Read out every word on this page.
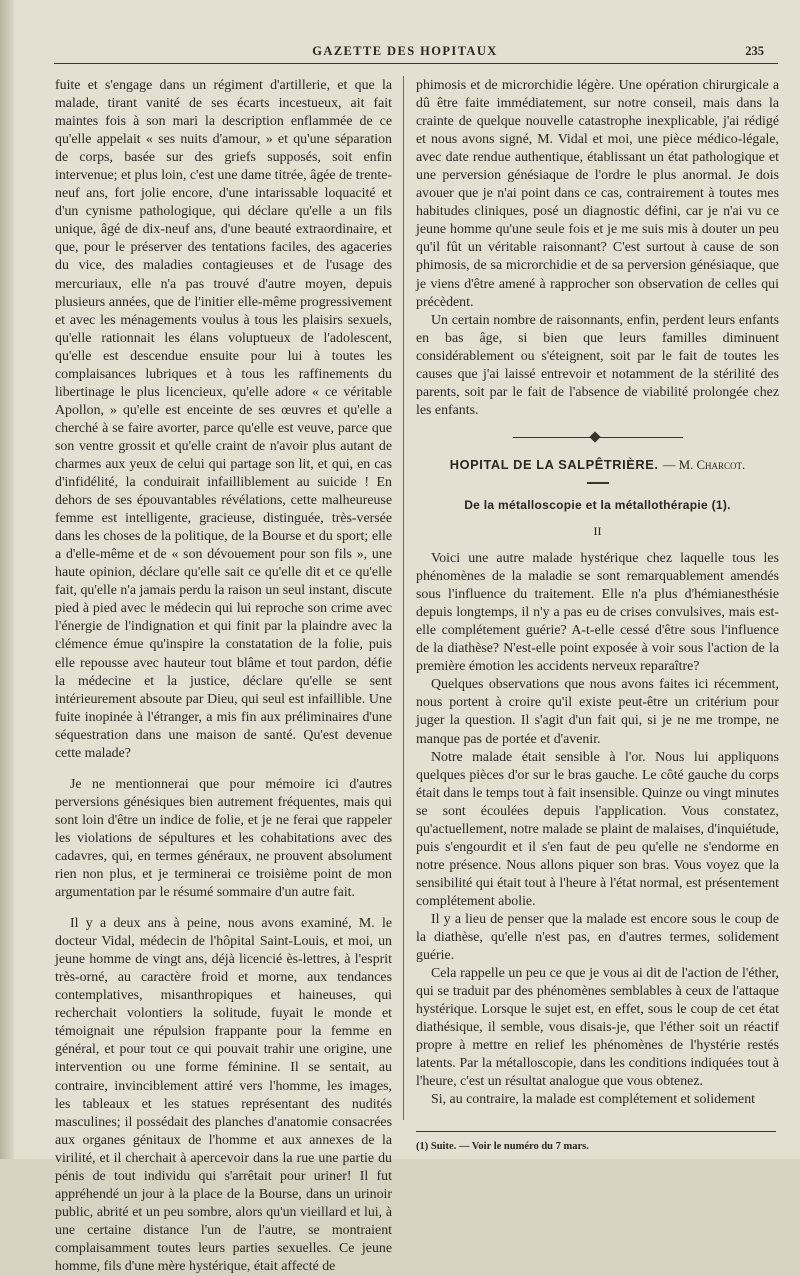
GAZETTE DES HOPITAUX	235

fuite et s'engage dans un régiment d'artillerie, et que la malade, tirant vanité de ses écarts incestueux, ait fait maintes fois à son mari la description enflammée de ce qu'elle appelait « ses nuits d'amour, » et qu'une séparation de corps, basée sur des griefs supposés, soit enfin intervenue; et plus loin, c'est une dame titrée, âgée de trente-neuf ans, fort jolie encore, d'une intarissable loquacité et d'un cynisme pathologique, qui déclare qu'elle a un fils unique, âgé de dix-neuf ans, d'une beauté extraordinaire, et que, pour le préserver des tentations faciles, des agaceries du vice, des maladies contagieuses et de l'usage des mercuriaux, elle n'a pas trouvé d'autre moyen, depuis plusieurs années, que de l'initier elle-même progressivement et avec les ménagements voulus à tous les plaisirs sexuels, qu'elle rationnait les élans voluptueux de l'adolescent, qu'elle est descendue ensuite pour lui à toutes les complaisances lubriques et à tous les raffinements du libertinage le plus licencieux, qu'elle adore « ce véritable Apollon, » qu'elle est enceinte de ses œuvres et qu'elle a cherché à se faire avorter, parce qu'elle est veuve, parce que son ventre grossit et qu'elle craint de n'avoir plus autant de charmes aux yeux de celui qui partage son lit, et qui, en cas d'infidélité, la conduirait infailliblement au suicide ! En dehors de ses épouvantables révélations, cette malheureuse femme est intelligente, gracieuse, distinguée, très-versée dans les choses de la politique, de la Bourse et du sport; elle a d'elle-même et de « son dévouement pour son fils », une haute opinion, déclare qu'elle sait ce qu'elle dit et ce qu'elle fait, qu'elle n'a jamais perdu la raison un seul instant, discute pied à pied avec le médecin qui lui reproche son crime avec l'énergie de l'indignation et qui finit par la plaindre avec la clémence émue qu'inspire la constatation de la folie, puis elle repousse avec hauteur tout blâme et tout pardon, défie la médecine et la justice, déclare qu'elle se sent intérieurement absoute par Dieu, qui seul est infaillible. Une fuite inopinée à l'étranger, a mis fin aux préliminaires d'une séquestration dans une maison de santé. Qu'est devenue cette malade?

Je ne mentionnerai que pour mémoire ici d'autres perversions génésiques bien autrement fréquentes, mais qui sont loin d'être un indice de folie, et je ne ferai que rappeler les violations de sépultures et les cohabitations avec des cadavres, qui, en termes généraux, ne prouvent absolument rien non plus, et je terminerai ce troisième point de mon argumentation par le résumé sommaire d'un autre fait.

Il y a deux ans à peine, nous avons examiné, M. le docteur Vidal, médecin de l'hôpital Saint-Louis, et moi, un jeune homme de vingt ans, déjà licencié ès-lettres, à l'esprit très-orné, au caractère froid et morne, aux tendances contemplatives, misanthropiques et haineuses, qui recherchait volontiers la solitude, fuyait le monde et témoignait une répulsion frappante pour la femme en général, et pour tout ce qui pouvait trahir une origine, une intervention ou une forme féminine. Il se sentait, au contraire, invinciblement attiré vers l'homme, les images, les tableaux et les statues représentant des nudités masculines; il possédait des planches d'anatomie consacrées aux organes génitaux de l'homme et aux annexes de la virilité, et il cherchait à apercevoir dans la rue une partie du pénis de tout individu qui s'arrêtait pour uriner! Il fut appréhendé un jour à la place de la Bourse, dans un urinoir public, abrité et un peu sombre, alors qu'un vieillard et lui, à une certaine distance l'un de l'autre, se montraient complaisamment toutes leurs parties sexuelles. Ce jeune homme, fils d'une mère hystérique, était affecté de

phimosis et de microrchidie légère. Une opération chirurgicale a dû être faite immédiatement, sur notre conseil, mais dans la crainte de quelque nouvelle catastrophe inexplicable, j'ai rédigé et nous avons signé, M. Vidal et moi, une pièce médico-légale, avec date rendue authentique, établissant un état pathologique et une perversion génésiaque de l'ordre le plus anormal. Je dois avouer que je n'ai point dans ce cas, contrairement à toutes mes habitudes cliniques, posé un diagnostic défini, car je n'ai vu ce jeune homme qu'une seule fois et je me suis mis à douter un peu qu'il fût un véritable raisonnant? C'est surtout à cause de son phimosis, de sa microrchidie et de sa perversion génésiaque, que je viens d'être amené à rapprocher son observation de celles qui précèdent.

Un certain nombre de raisonnants, enfin, perdent leurs enfants en bas âge, si bien que leurs familles diminuent considérablement ou s'éteignent, soit par le fait de toutes les causes que j'ai laissé entrevoir et notamment de la stérilité des parents, soit par le fait de l'absence de viabilité prolongée chez les enfants.

HOPITAL DE LA SALPÊTRIÈRE. — M. Charcot.
De la métalloscopie et la métallothérapie (1).
II

Voici une autre malade hystérique chez laquelle tous les phénomènes de la maladie se sont remarquablement amendés sous l'influence du traitement. Elle n'a plus d'hémianesthésie depuis longtemps, il n'y a pas eu de crises convulsives, mais est-elle complétement guérie? A-t-elle cessé d'être sous l'influence de la diathèse? N'est-elle point exposée à voir sous l'action de la première émotion les accidents nerveux reparaître?

Quelques observations que nous avons faites ici récemment, nous portent à croire qu'il existe peut-être un critérium pour juger la question. Il s'agit d'un fait qui, si je ne me trompe, ne manque pas de portée et d'avenir.

Notre malade était sensible à l'or. Nous lui appliquons quelques pièces d'or sur le bras gauche. Le côté gauche du corps était dans le temps tout à fait insensible. Quinze ou vingt minutes se sont écoulées depuis l'application. Vous constatez, qu'actuellement, notre malade se plaint de malaises, d'inquiétude, puis s'engourdit et il s'en faut de peu qu'elle ne s'endorme en notre présence. Nous allons piquer son bras. Vous voyez que la sensibilité qui était tout à l'heure à l'état normal, est présentement complétement abolie.

Il y a lieu de penser que la malade est encore sous le coup de la diathèse, qu'elle n'est pas, en d'autres termes, solidement guérie.

Cela rappelle un peu ce que je vous ai dit de l'action de l'éther, qui se traduit par des phénomènes semblables à ceux de l'attaque hystérique. Lorsque le sujet est, en effet, sous le coup de cet état diathésique, il semble, vous disais-je, que l'éther soit un réactif propre à mettre en relief les phénomènes de l'hystérie restés latents. Par la métalloscopie, dans les conditions indiquées tout à l'heure, c'est un résultat analogue que vous obtenez.

Si, au contraire, la malade est complétement et solidement

(1) Suite. — Voir le numéro du 7 mars.
